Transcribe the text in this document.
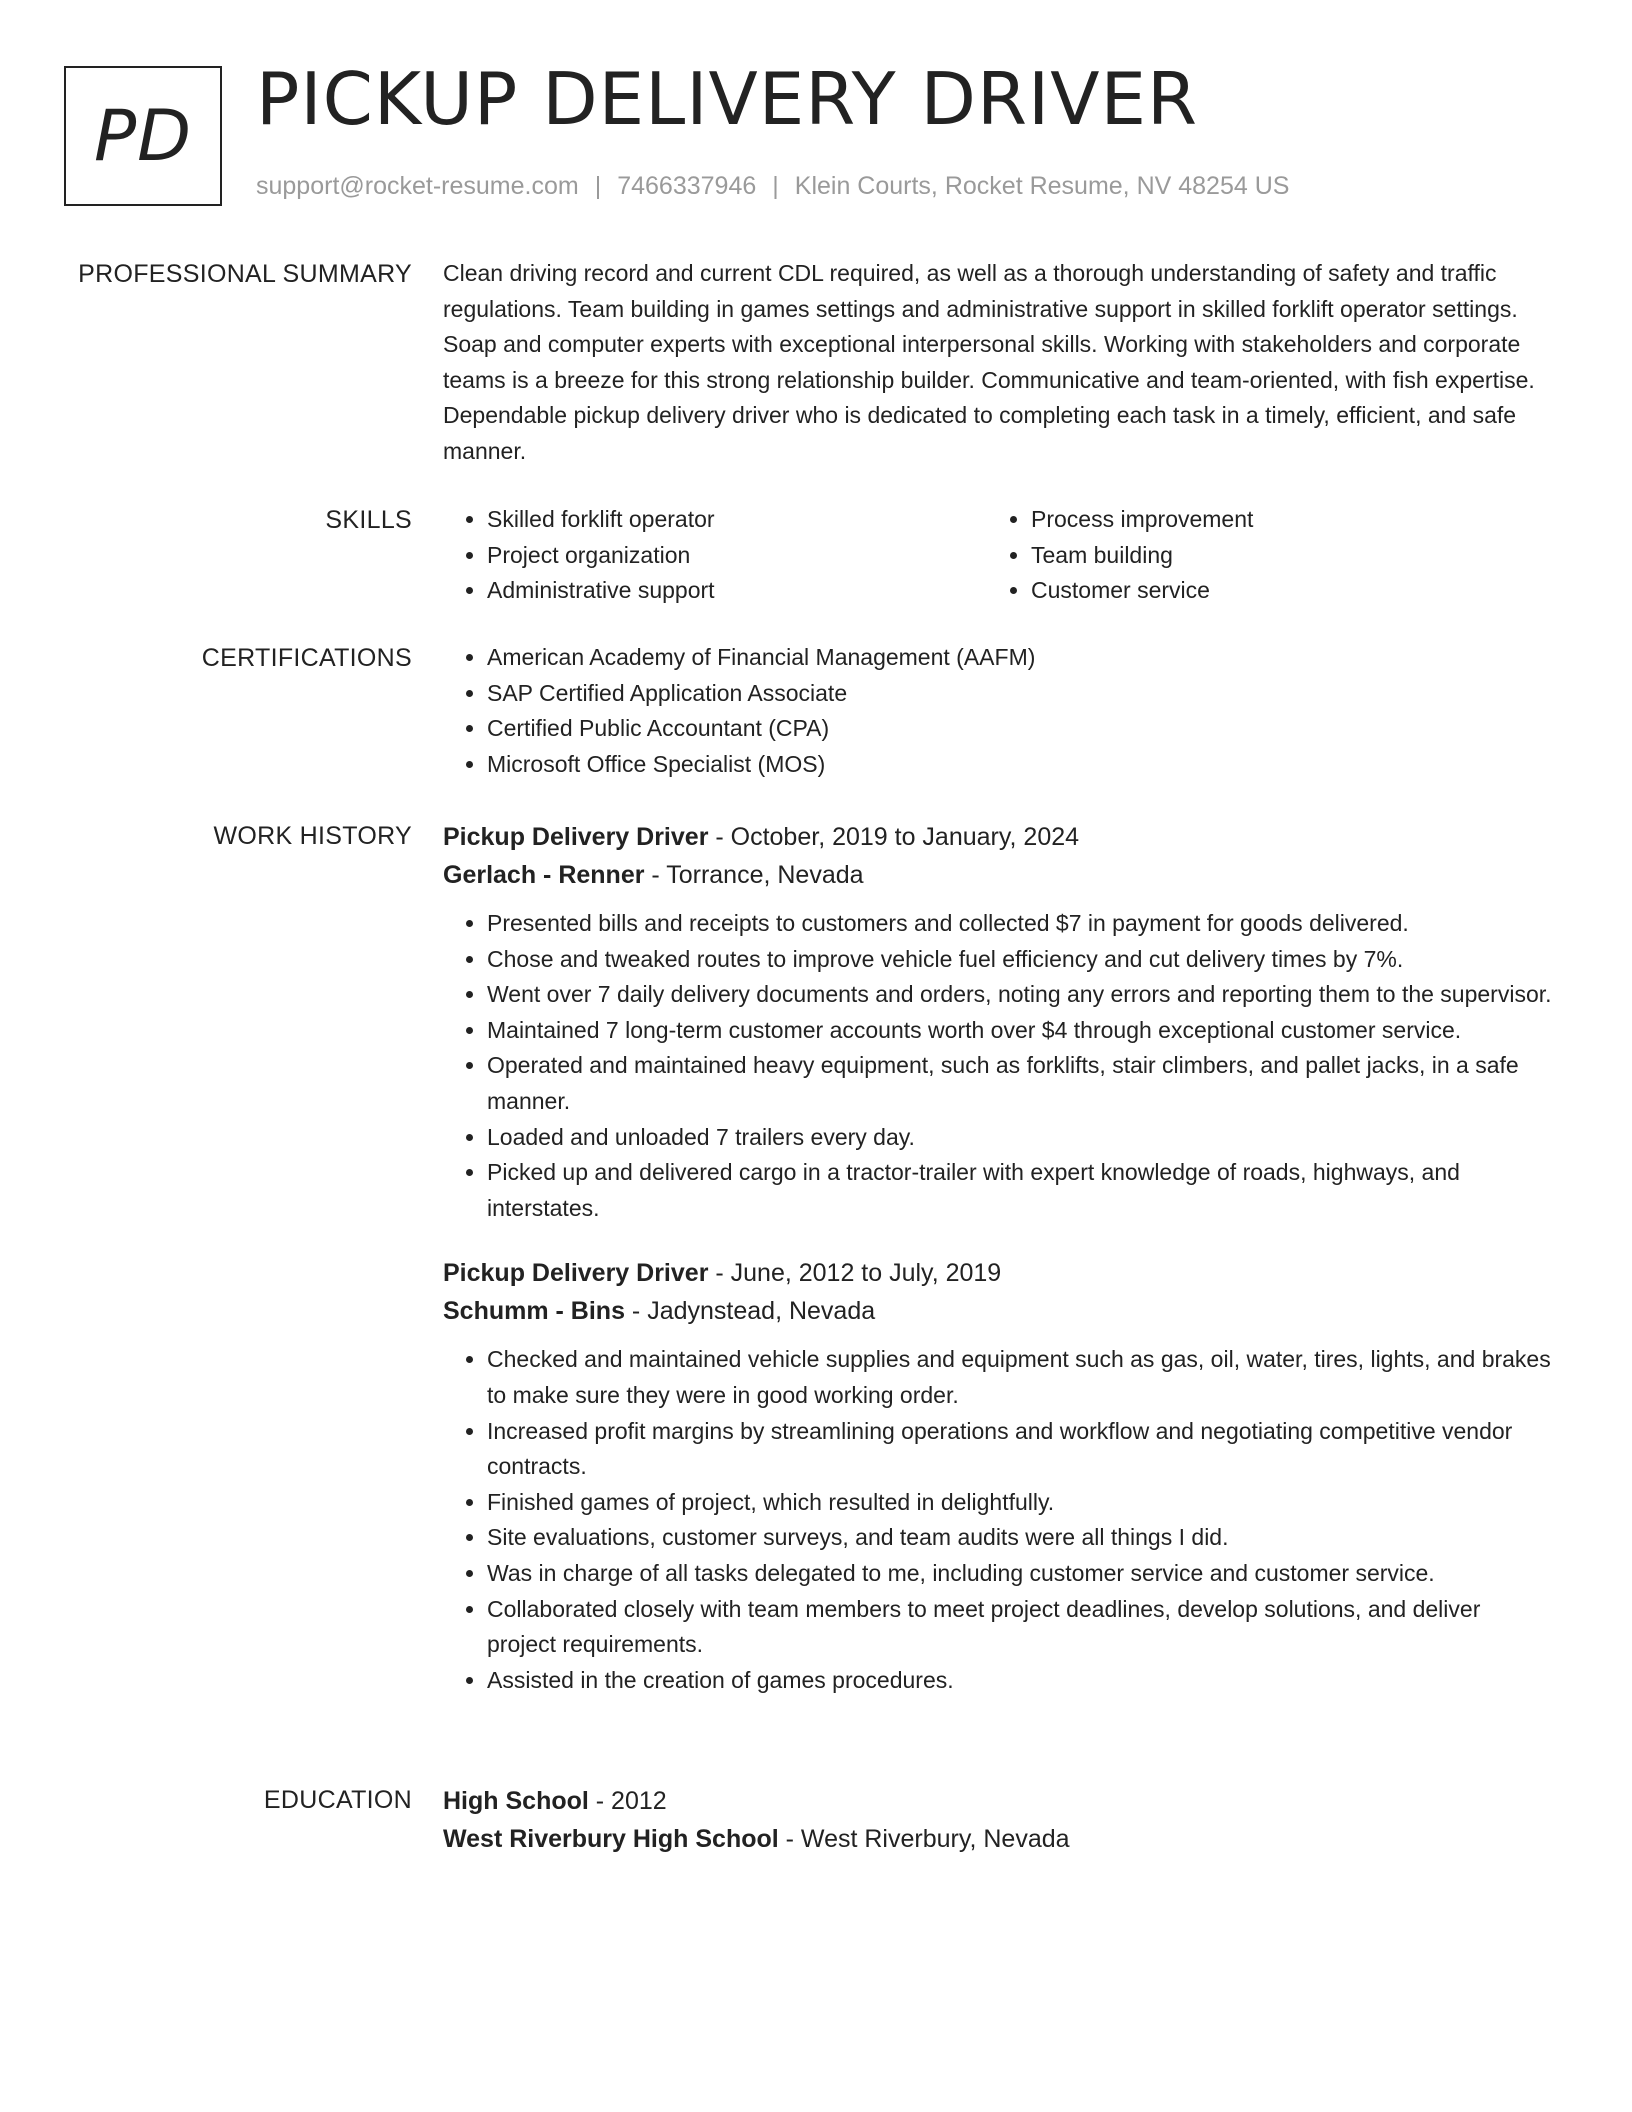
PD PICKUP DELIVERY DRIVER
support@rocket-resume.com | 7466337946 | Klein Courts, Rocket Resume, NV 48254 US
PROFESSIONAL SUMMARY Clean driving record and current CDL required, as well as a thorough understanding of safety and traffic regulations. Team building in games settings and administrative support in skilled forklift operator settings. Soap and computer experts with exceptional interpersonal skills. Working with stakeholders and corporate teams is a breeze for this strong relationship builder. Communicative and team-oriented, with fish expertise. Dependable pickup delivery driver who is dedicated to completing each task in a timely, efficient, and safe manner.

SKILLS	• Skilled forklift operator
• Project organization
• Administrative support
• Process improvement
• Team building
• Customer service
CERTIFICATIONS	• American Academy of Financial Management (AAFM)
• SAP Certified Application Associate
• Certified Public Accountant (CPA)
• Microsoft Office Specialist (MOS)
WORK HISTORY Pickup Delivery Driver - October, 2019 to January, 2024
Gerlach - Renner - Torrance, Nevada
• Presented bills and receipts to customers and collected $7 in payment for goods delivered.
• Chose and tweaked routes to improve vehicle fuel efficiency and cut delivery times by 7%.
• Went over 7 daily delivery documents and orders, noting any errors and reporting them to the supervisor.
• Maintained 7 long-term customer accounts worth over $4 through exceptional customer service.
• Operated and maintained heavy equipment, such as forklifts, stair climbers, and pallet jacks, in a safe manner.
• Loaded and unloaded 7 trailers every day.
• Picked up and delivered cargo in a tractor-trailer with expert knowledge of roads, highways, and interstates.
Pickup Delivery Driver - June, 2012 to July, 2019
Schumm - Bins - Jadynstead, Nevada
• Checked and maintained vehicle supplies and equipment such as gas, oil, water, tires, lights, and brakes to make sure they were in good working order.
• Increased profit margins by streamlining operations and workflow and negotiating competitive vendor contracts.
• Finished games of project, which resulted in delightfully.
• Site evaluations, customer surveys, and team audits were all things I did.
• Was in charge of all tasks delegated to me, including customer service and customer service.
• Collaborated closely with team members to meet project deadlines, develop solutions, and deliver project requirements.
• Assisted in the creation of games procedures.
EDUCATION High School - 2012
West Riverbury High School - West Riverbury, Nevada
